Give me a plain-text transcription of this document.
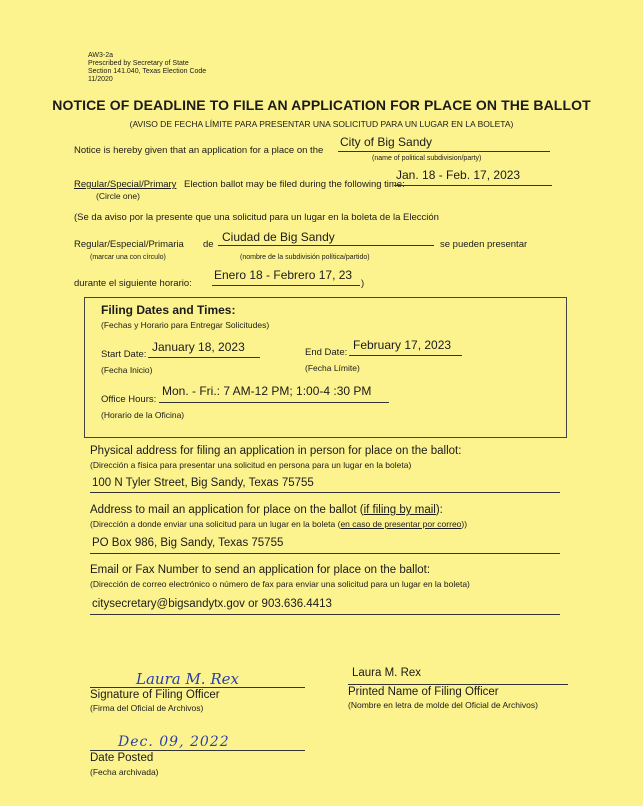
AW3-2a
Prescribed by Secretary of State
Section 141.040, Texas Election Code
11/2020
NOTICE OF DEADLINE TO FILE AN APPLICATION FOR PLACE ON THE BALLOT
(AVISO DE FECHA LÍMITE PARA PRESENTAR UNA SOLICITUD PARA UN LUGAR EN LA BOLETA)
Notice is hereby given that an application for a place on the
City of Big Sandy
(name of political subdivision/party)
Regular/Special/Primary Election ballot may be filed during the following time:
Jan. 18 - Feb. 17, 2023
(Circle one)
(Se da aviso por la presente que una solicitud para un lugar en la boleta de la Elección
Regular/Especial/Primaria de
Ciudad de Big Sandy
se pueden presentar
(marcar una con círculo)	(nombre de la subdivisión política/partido)
durante el siguiente horario:
Enero 18 - Febrero 17, 23
)
Filing Dates and Times:
(Fechas y Horario para Entregar Solicitudes)
Start Date:
January 18, 2023
(Fecha Inicio)
End Date:
February 17, 2023
(Fecha Límite)
Office Hours:
Mon. - Fri.: 7 AM-12 PM; 1:00-4 :30 PM
(Horario de la Oficina)
Physical address for filing an application in person for place on the ballot:
(Dirección a física para presentar una solicitud en persona para un lugar en la boleta)
100 N Tyler Street, Big Sandy, Texas 75755
Address to mail an application for place on the ballot (if filing by mail):
(Dirección a donde enviar una solicitud para un lugar en la boleta (en caso de presentar por correo))
PO Box 986, Big Sandy, Texas 75755
Email or Fax Number to send an application for place on the ballot:
(Dirección de correo electrónico o número de fax para enviar una solicitud para un lugar en la boleta)
citysecretary@bigsandytx.gov or 903.636.4413
Laura M. Rex
Signature of Filing Officer
(Firma del Oficial de Archivos)
Laura M. Rex
Printed Name of Filing Officer
(Nombre en letra de molde del Oficial de Archivos)
Dec. 09, 2022
Date Posted
(Fecha archivada)
